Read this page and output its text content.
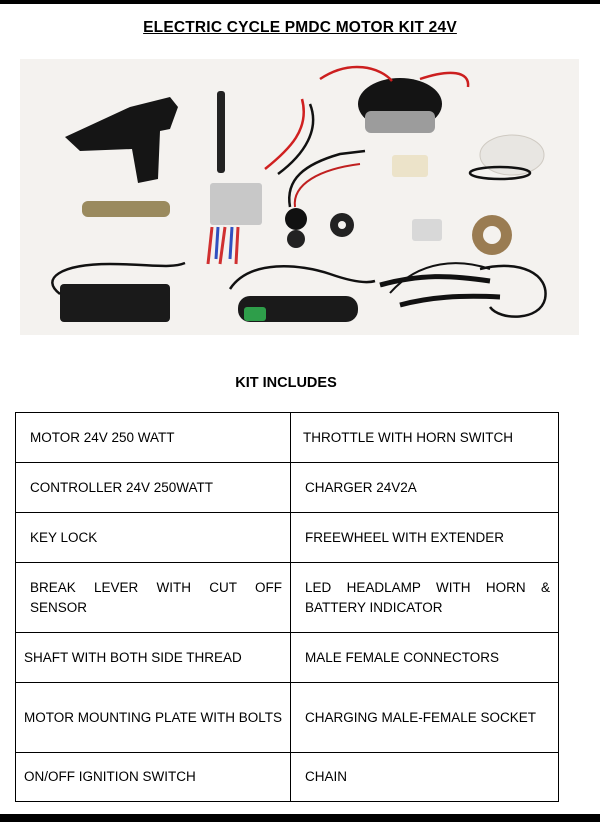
ELECTRIC CYCLE PMDC MOTOR KIT 24V
KIT INCLUDES
MOTOR 24V 250 WATT	THROTTLE WITH HORN SWITCH
CONTROLLER 24V 250WATT	CHARGER 24V2A
KEY LOCK	FREEWHEEL WITH EXTENDER
BREAK LEVER WITH CUT OFF SENSOR	LED HEADLAMP WITH HORN & BATTERY INDICATOR
SHAFT WITH BOTH SIDE THREAD	MALE FEMALE CONNECTORS
MOTOR MOUNTING PLATE WITH BOLTS	CHARGING MALE-FEMALE SOCKET
ON/OFF IGNITION SWITCH	CHAIN
